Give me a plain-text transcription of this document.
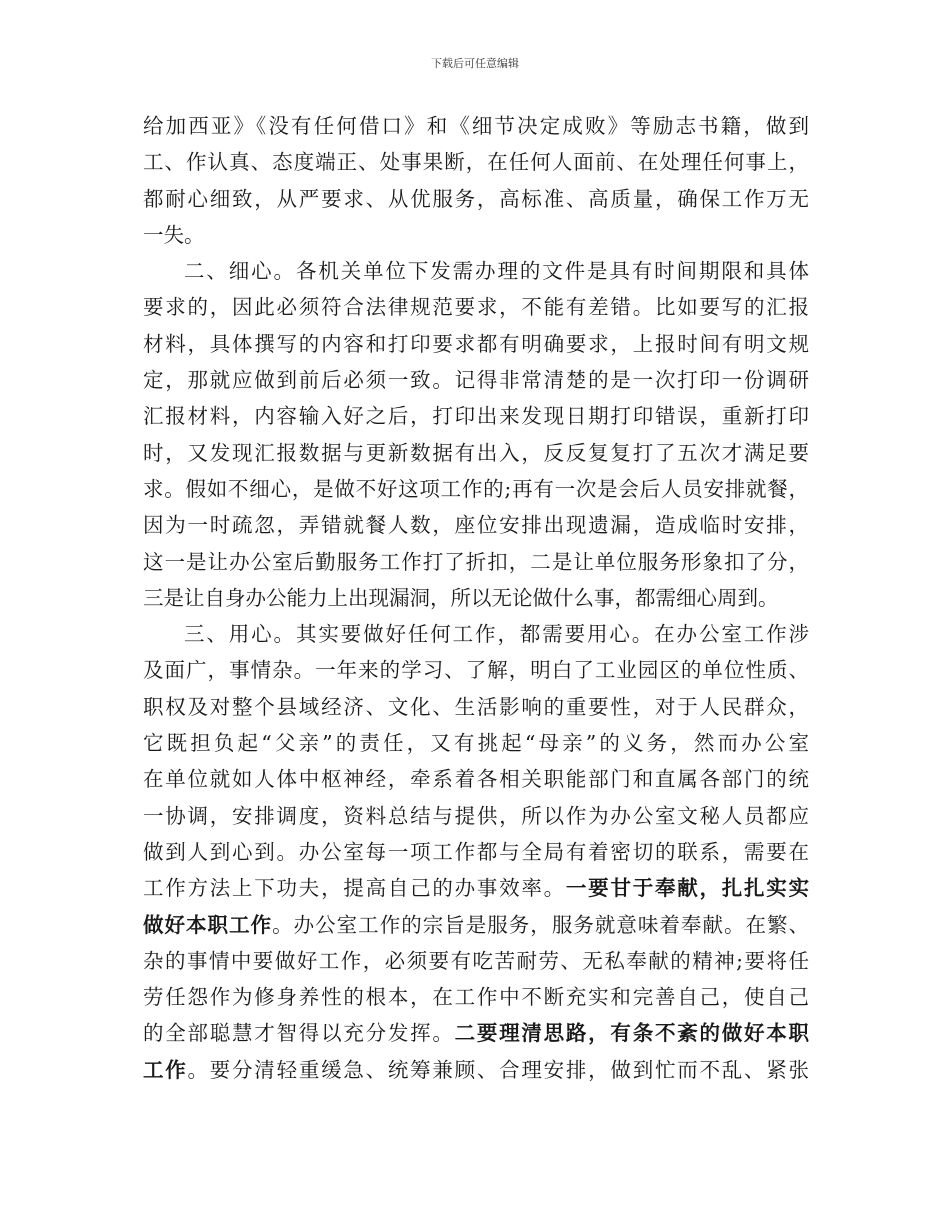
下载后可任意编辑
给加西亚》《没有任何借口》和《细节决定成败》等励志书籍，做到
工、作认真、态度端正、处事果断，在任何人面前、在处理任何事上，
都耐心细致，从严要求、从优服务，高标准、高质量，确保工作万无
一失。
二、细心。各机关单位下发需办理的文件是具有时间期限和具体
要求的，因此必须符合法律规范要求，不能有差错。比如要写的汇报
材料，具体撰写的内容和打印要求都有明确要求，上报时间有明文规
定，那就应做到前后必须一致。记得非常清楚的是一次打印一份调研
汇报材料，内容输入好之后，打印出来发现日期打印错误，重新打印
时，又发现汇报数据与更新数据有出入，反反复复打了五次才满足要
求。假如不细心，是做不好这项工作的;再有一次是会后人员安排就餐，
因为一时疏忽，弄错就餐人数，座位安排出现遗漏，造成临时安排，
这一是让办公室后勤服务工作打了折扣，二是让单位服务形象扣了分，
三是让自身办公能力上出现漏洞，所以无论做什么事，都需细心周到。
三、用心。其实要做好任何工作，都需要用心。在办公室工作涉
及面广，事情杂。一年来的学习、了解，明白了工业园区的单位性质、
职权及对整个县域经济、文化、生活影响的重要性，对于人民群众，
它既担负起“父亲”的责任，又有挑起“母亲”的义务，然而办公室
在单位就如人体中枢神经，牵系着各相关职能部门和直属各部门的统
一协调，安排调度，资料总结与提供，所以作为办公室文秘人员都应
做到人到心到。办公室每一项工作都与全局有着密切的联系，需要在
工作方法上下功夫，提高自己的办事效率。一要甘于奉献，扎扎实实
做好本职工作。办公室工作的宗旨是服务，服务就意味着奉献。在繁、
杂的事情中要做好工作，必须要有吃苦耐劳、无私奉献的精神;要将任
劳任怨作为修身养性的根本，在工作中不断充实和完善自己，使自己
的全部聪慧才智得以充分发挥。二要理清思路，有条不紊的做好本职
工作。要分清轻重缓急、统筹兼顾、合理安排，做到忙而不乱、紧张
